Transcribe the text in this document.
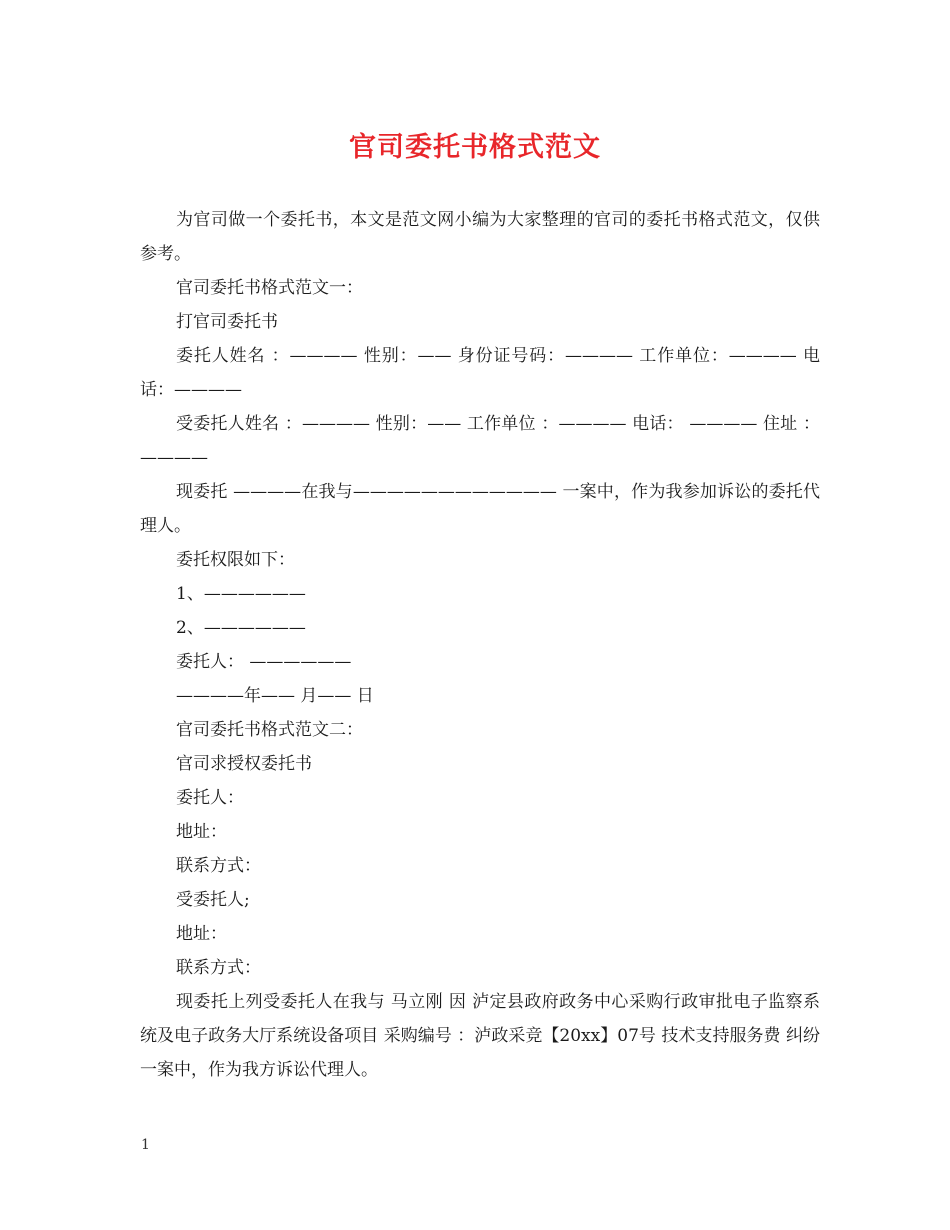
官司委托书格式范文

为官司做一个委托书，本文是范文网小编为大家整理的官司的委托书格式范文，仅供参考。

官司委托书格式范文一：

打官司委托书

委托人姓名 ：———— 性别：—— 身份证号码：———— 工作单位：———— 电话：————

受委托人姓名 ：———— 性别：—— 工作单位 ：———— 电话： ———— 住址 ：————

现委托 ————在我与———————————— 一案中，作为我参加诉讼的委托代理人。

委托权限如下：

1、——————

2、——————

委托人： ——————

————年—— 月—— 日

官司委托书格式范文二：

官司求授权委托书

委托人：

地址：

联系方式：

受委托人;

地址：

联系方式：

现委托上列受委托人在我与 马立刚 因 泸定县政府政务中心采购行政审批电子监察系统及电子政务大厅系统设备项目 采购编号 ：泸政采竞【20xx】07号 技术支持服务费 纠纷一案中，作为我方诉讼代理人。

1
